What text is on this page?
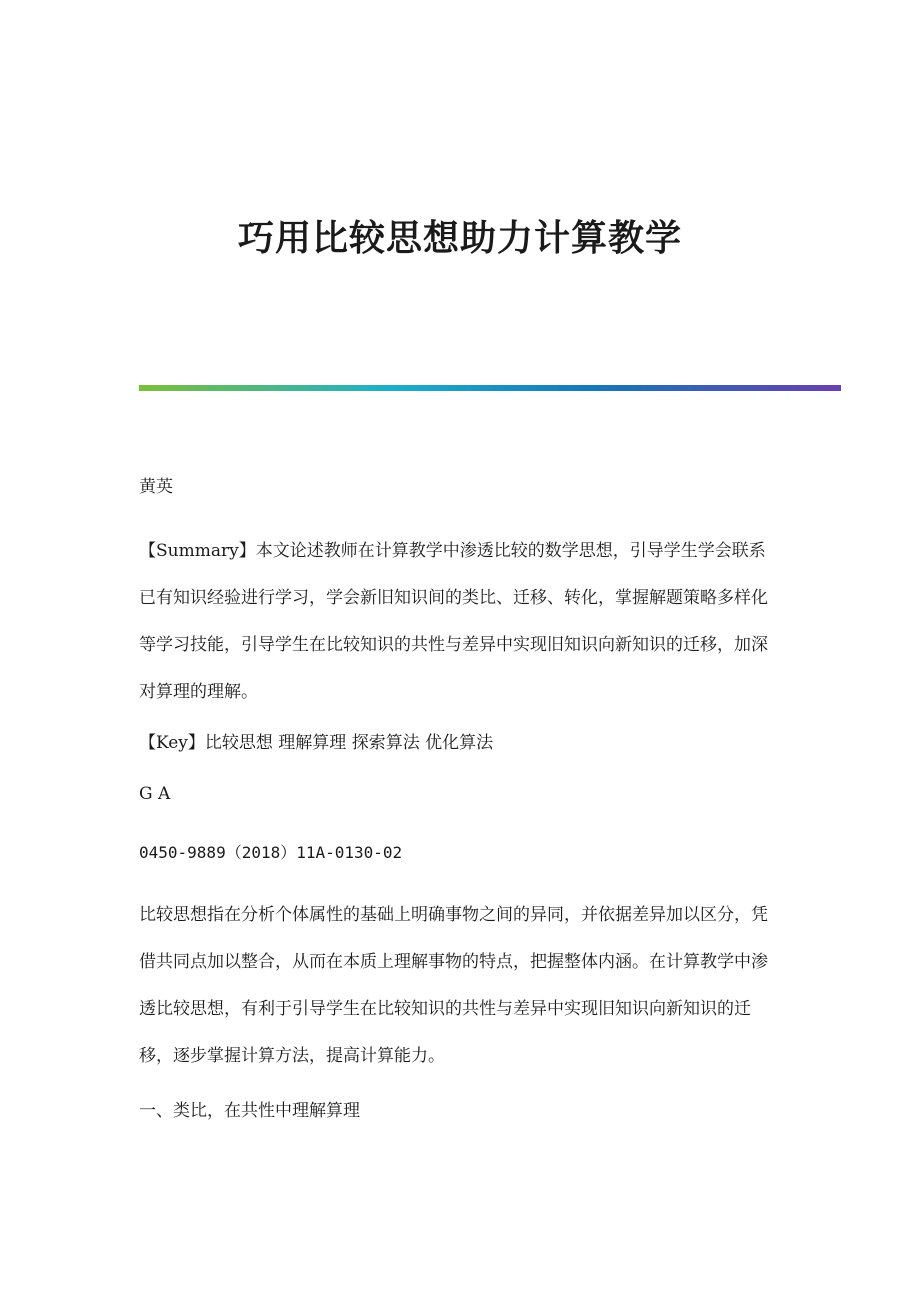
巧用比较思想助力计算教学

黄英

【Summary】本文论述教师在计算教学中渗透比较的数学思想，引导学生学会联系已有知识经验进行学习，学会新旧知识间的类比、迁移、转化，掌握解题策略多样化等学习技能，引导学生在比较知识的共性与差异中实现旧知识向新知识的迁移，加深对算理的理解。

【Key】比较思想 理解算理 探索算法 优化算法

G A

0450-9889（2018）11A-0130-02

比较思想指在分析个体属性的基础上明确事物之间的异同，并依据差异加以区分，凭借共同点加以整合，从而在本质上理解事物的特点，把握整体内涵。在计算教学中渗透比较思想，有利于引导学生在比较知识的共性与差异中实现旧知识向新知识的迁移，逐步掌握计算方法，提高计算能力。

一、类比，在共性中理解算理
